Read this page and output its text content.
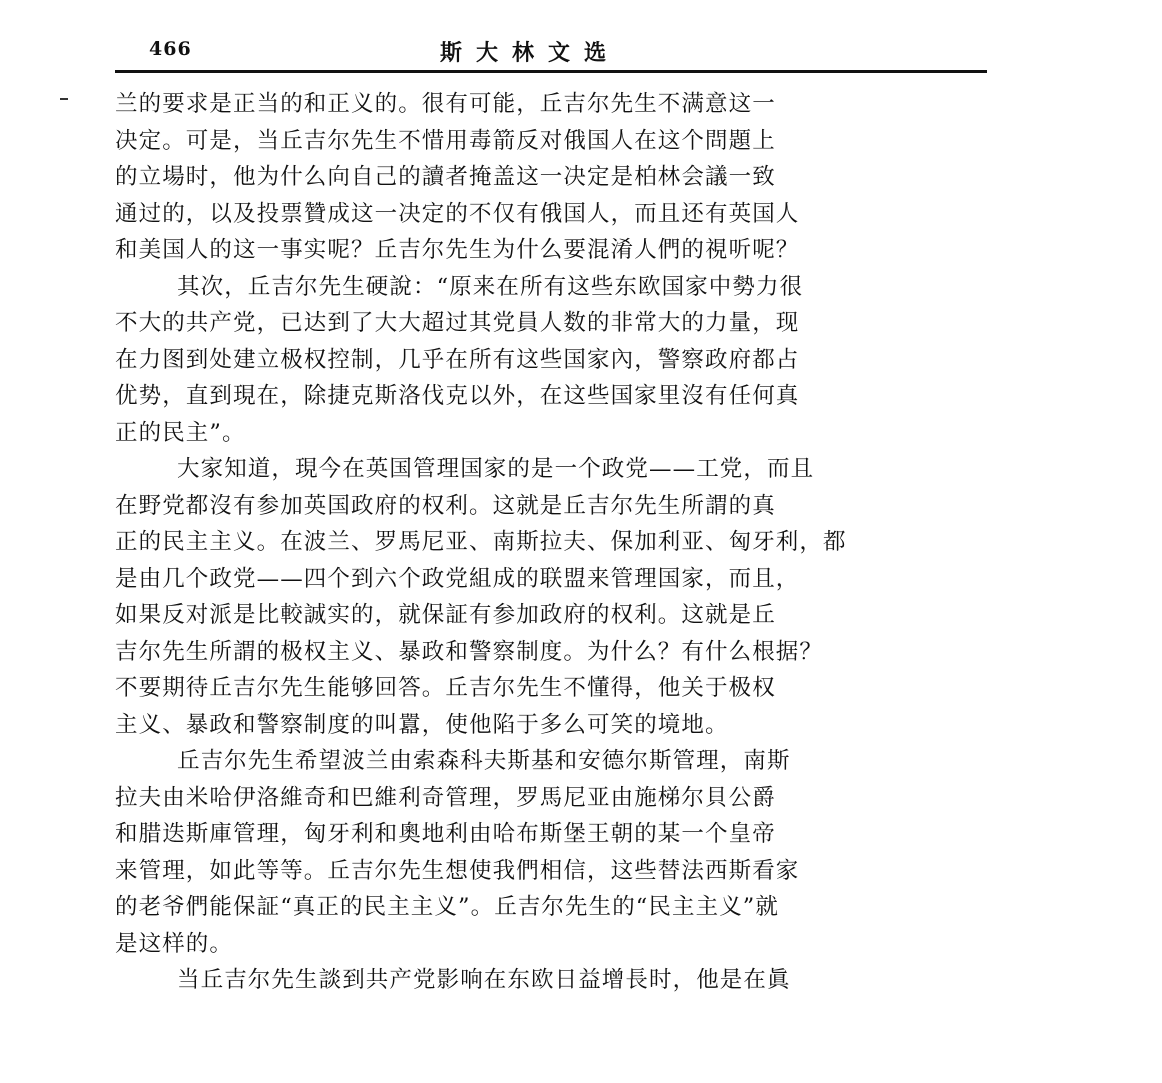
466	斯大林文选
兰的要求是正当的和正义的。很有可能，丘吉尔先生不满意这一
决定。可是，当丘吉尔先生不惜用毒箭反对俄国人在这个問題上
的立場时，他为什么向自己的讀者掩盖这一决定是柏林会議一致
通过的，以及投票贊成这一决定的不仅有俄国人，而且还有英国人
和美国人的这一事实呢？丘吉尔先生为什么要混淆人們的視听呢？
其次，丘吉尔先生硬說：“原来在所有这些东欧国家中勢力很
不大的共产党，已达到了大大超过其党員人数的非常大的力量，现
在力图到处建立极权控制，几乎在所有这些国家內，警察政府都占
优势，直到現在，除捷克斯洛伐克以外，在这些国家里沒有任何真
正的民主”。
大家知道，現今在英国管理国家的是一个政党——工党，而且
在野党都沒有参加英国政府的权利。这就是丘吉尔先生所謂的真
正的民主主义。在波兰、罗馬尼亚、南斯拉夫、保加利亚、匈牙利，都
是由几个政党——四个到六个政党組成的联盟来管理国家，而且，
如果反对派是比較誠实的，就保証有参加政府的权利。这就是丘
吉尔先生所謂的极权主义、暴政和警察制度。为什么？有什么根据？
不要期待丘吉尔先生能够回答。丘吉尔先生不懂得，他关于极权
主义、暴政和警察制度的叫囂，使他陷于多么可笑的境地。
丘吉尔先生希望波兰由索森科夫斯基和安德尔斯管理，南斯
拉夫由米哈伊洛維奇和巴維利奇管理，罗馬尼亚由施梯尔貝公爵
和腊迭斯庫管理，匈牙利和奧地利由哈布斯堡王朝的某一个皇帝
来管理，如此等等。丘吉尔先生想使我們相信，这些替法西斯看家
的老爷們能保証“真正的民主主义”。丘吉尔先生的“民主主义”就
是这样的。
当丘吉尔先生談到共产党影响在东欧日益增長时，他是在眞
